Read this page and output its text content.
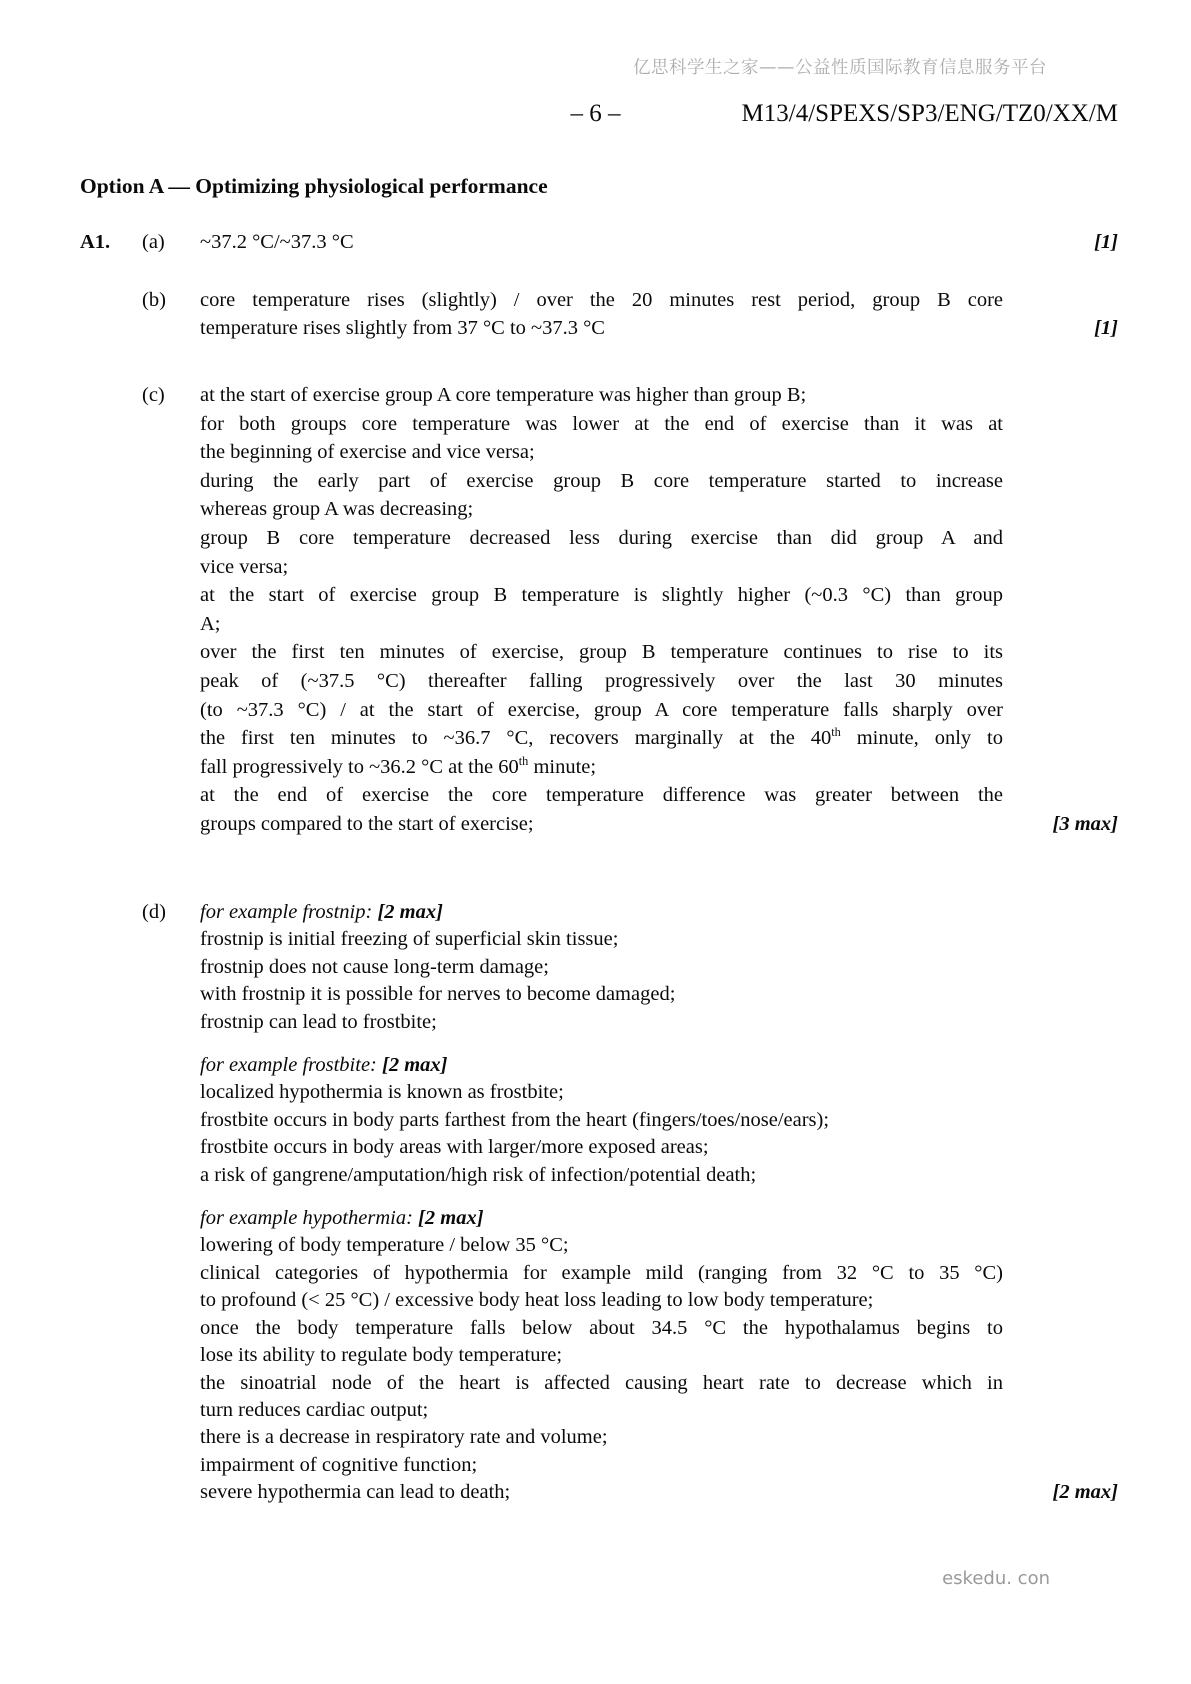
亿思科学生之家——公益性质国际教育信息服务平台
– 6 –	M13/4/SPEXS/SP3/ENG/TZ0/XX/M
Option A — Optimizing physiological performance
A1.	(a)	~37.2 °C/~37.3 °C	[1]
(b)	core temperature rises (slightly) / over the 20 minutes rest period, group B core
temperature rises slightly from 37 °C to ~37.3 °C	[1]
(c)	at the start of exercise group A core temperature was higher than group B;
for both groups core temperature was lower at the end of exercise than it was at
the beginning of exercise and vice versa;
during the early part of exercise group B core temperature started to increase
whereas group A was decreasing;
group B core temperature decreased less during exercise than did group A and
vice versa;
at the start of exercise group B temperature is slightly higher (~0.3 °C) than group
A;
over the first ten minutes of exercise, group B temperature continues to rise to its
peak of (~37.5 °C) thereafter falling progressively over the last 30 minutes
(to ~37.3 °C) / at the start of exercise, group A core temperature falls sharply over
the first ten minutes to ~36.7 °C, recovers marginally at the 40th minute, only to
fall progressively to ~36.2 °C at the 60th minute;
at the end of exercise the core temperature difference was greater between the
groups compared to the start of exercise;	[3 max]
(d)	for example frostnip: [2 max]
frostnip is initial freezing of superficial skin tissue;
frostnip does not cause long-term damage;
with frostnip it is possible for nerves to become damaged;
frostnip can lead to frostbite;
for example frostbite: [2 max]
localized hypothermia is known as frostbite;
frostbite occurs in body parts farthest from the heart (fingers/toes/nose/ears);
frostbite occurs in body areas with larger/more exposed areas;
a risk of gangrene/amputation/high risk of infection/potential death;
for example hypothermia: [2 max]
lowering of body temperature / below 35 °C;
clinical categories of hypothermia for example mild (ranging from 32 °C to 35 °C)
to profound (< 25 °C) / excessive body heat loss leading to low body temperature;
once the body temperature falls below about 34.5 °C the hypothalamus begins to
lose its ability to regulate body temperature;
the sinoatrial node of the heart is affected causing heart rate to decrease which in
turn reduces cardiac output;
there is a decrease in respiratory rate and volume;
impairment of cognitive function;
severe hypothermia can lead to death;	[2 max]
eskedu. con
